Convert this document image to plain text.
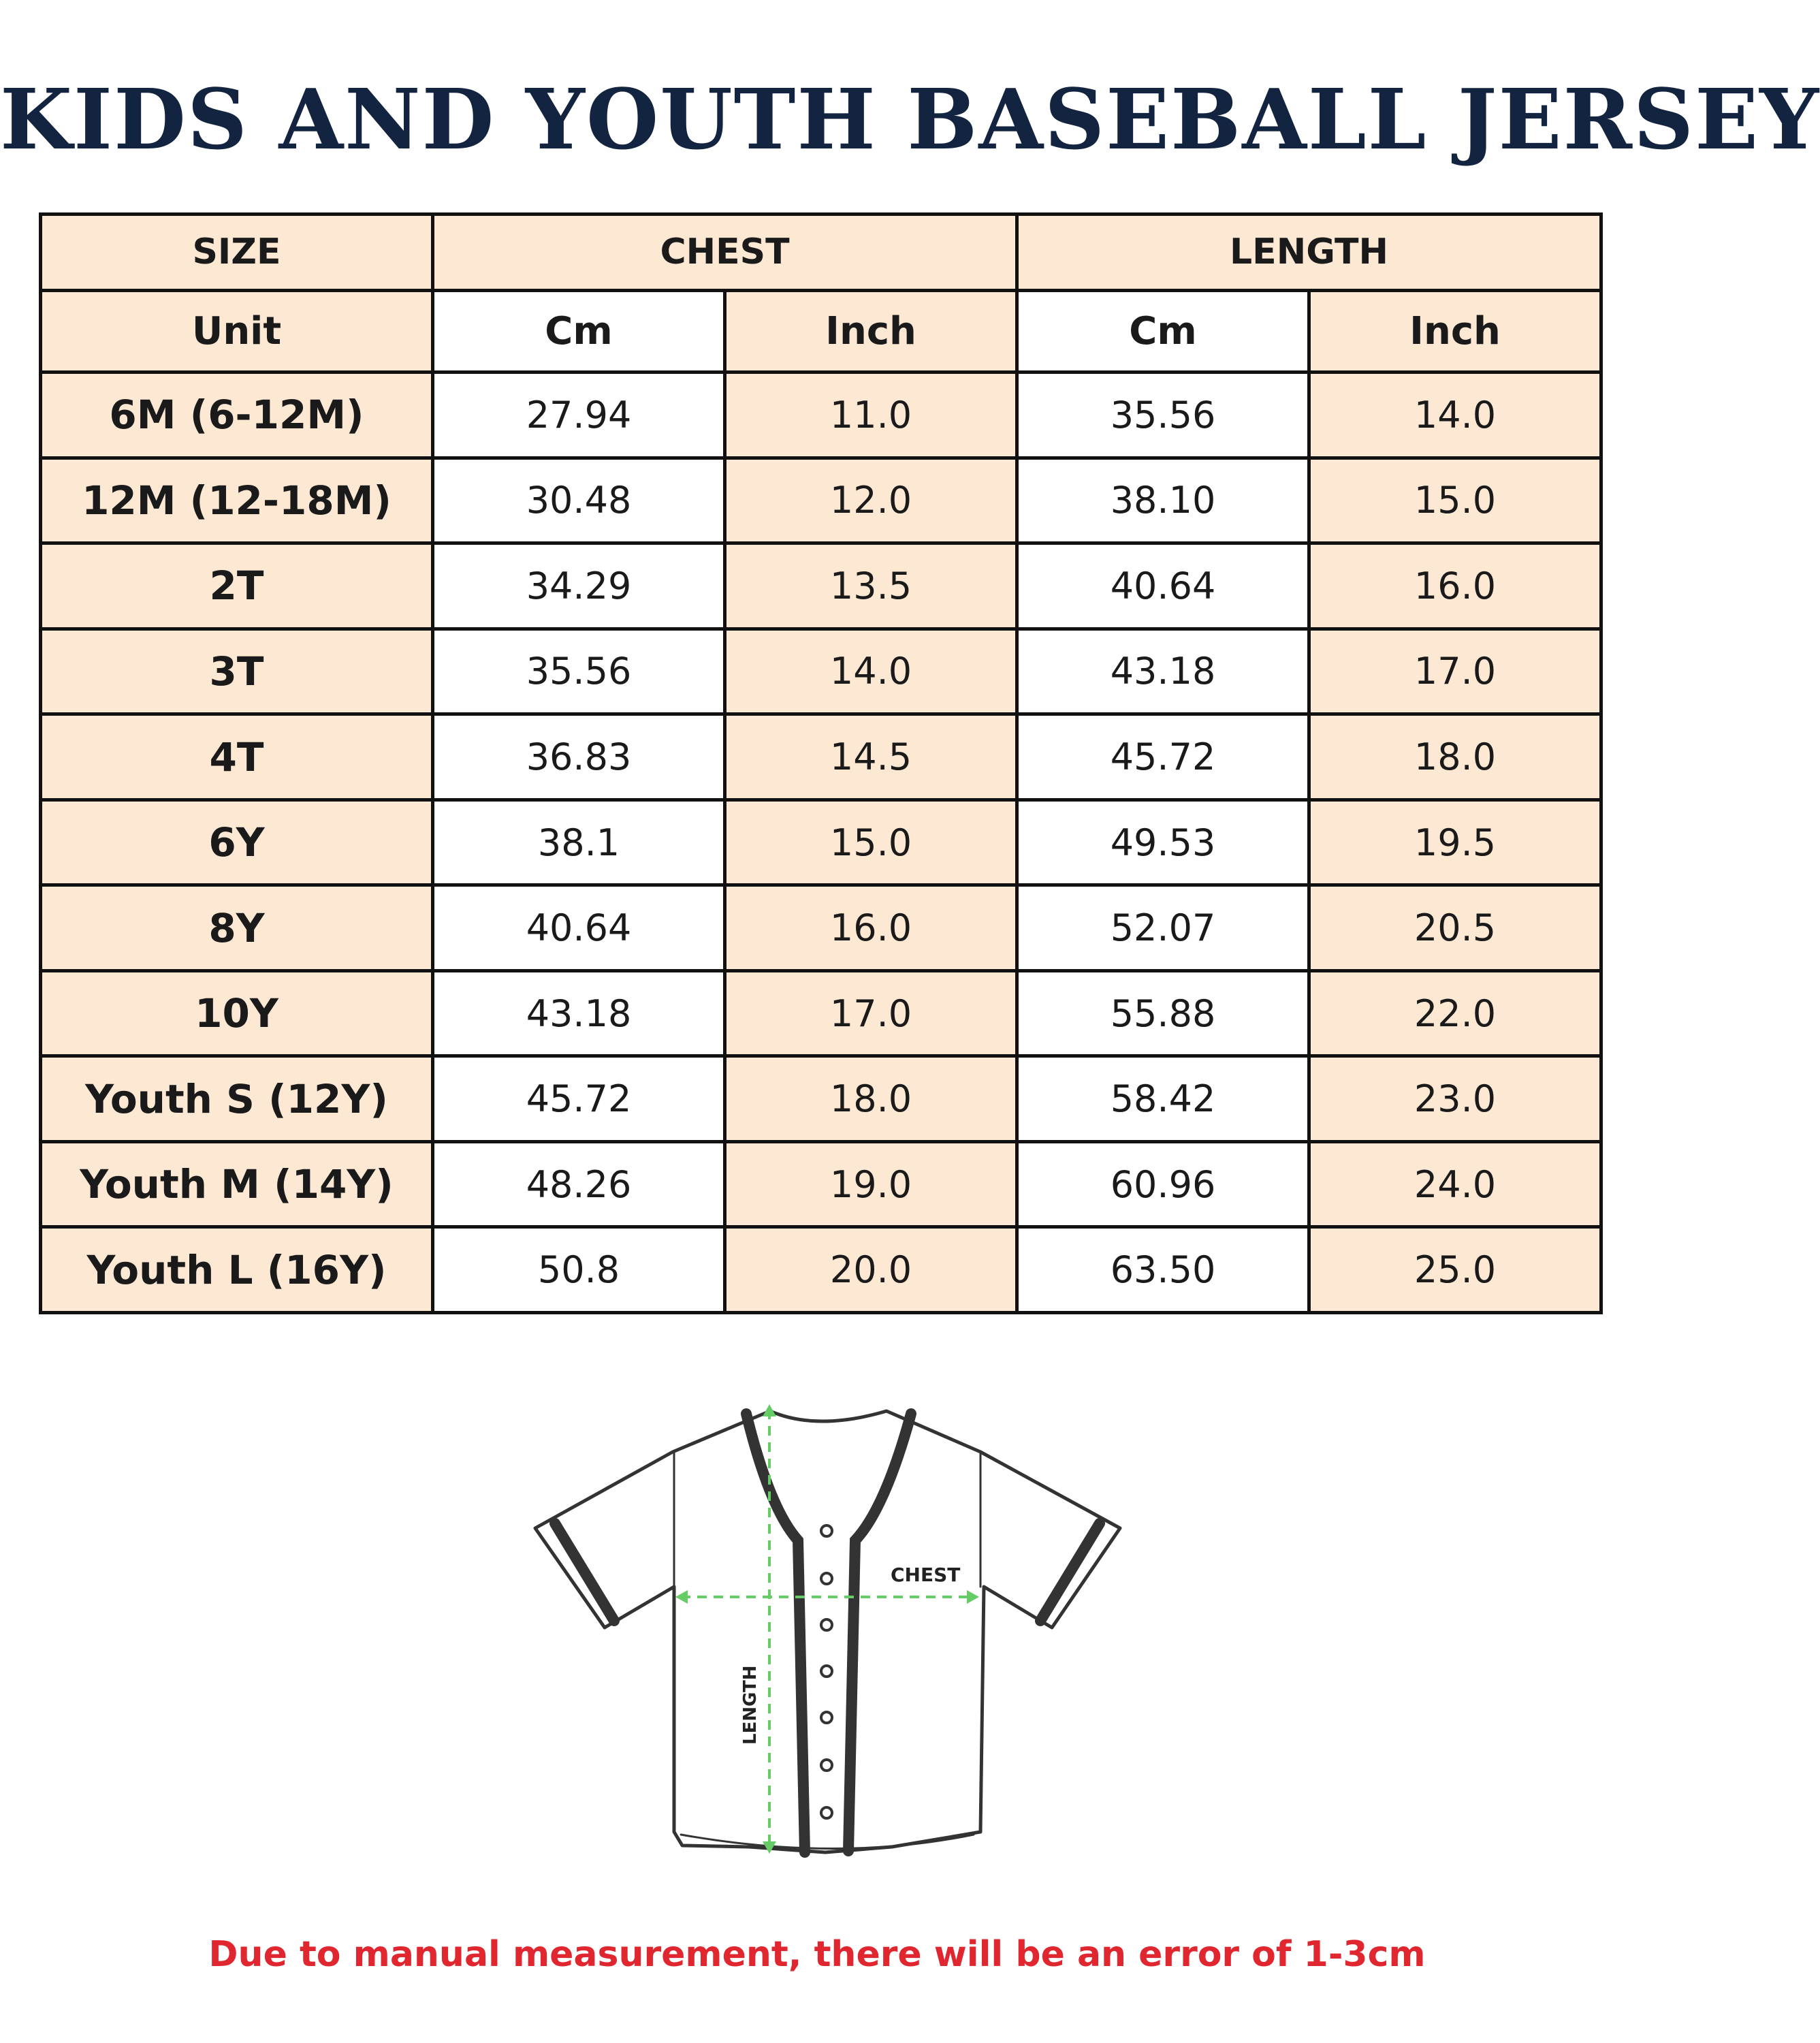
KIDS AND YOUTH BASEBALL JERSEY
SIZE	CHEST		LENGTH	
Unit	Cm	Inch	Cm	Inch
6M (6-12M)	27.94	11.0	35.56	14.0
12M (12-18M)	30.48	12.0	38.10	15.0
2T	34.29	13.5	40.64	16.0
3T	35.56	14.0	43.18	17.0
4T	36.83	14.5	45.72	18.0
6Y	38.1	15.0	49.53	19.5
8Y	40.64	16.0	52.07	20.5
10Y	43.18	17.0	55.88	22.0
Youth S (12Y)	45.72	18.0	58.42	23.0
Youth M (14Y)	48.26	19.0	60.96	24.0
Youth L (16Y)	50.8	20.0	63.50	25.0
CHEST
LENGTH
Due to manual measurement, there will be an error of 1-3cm
